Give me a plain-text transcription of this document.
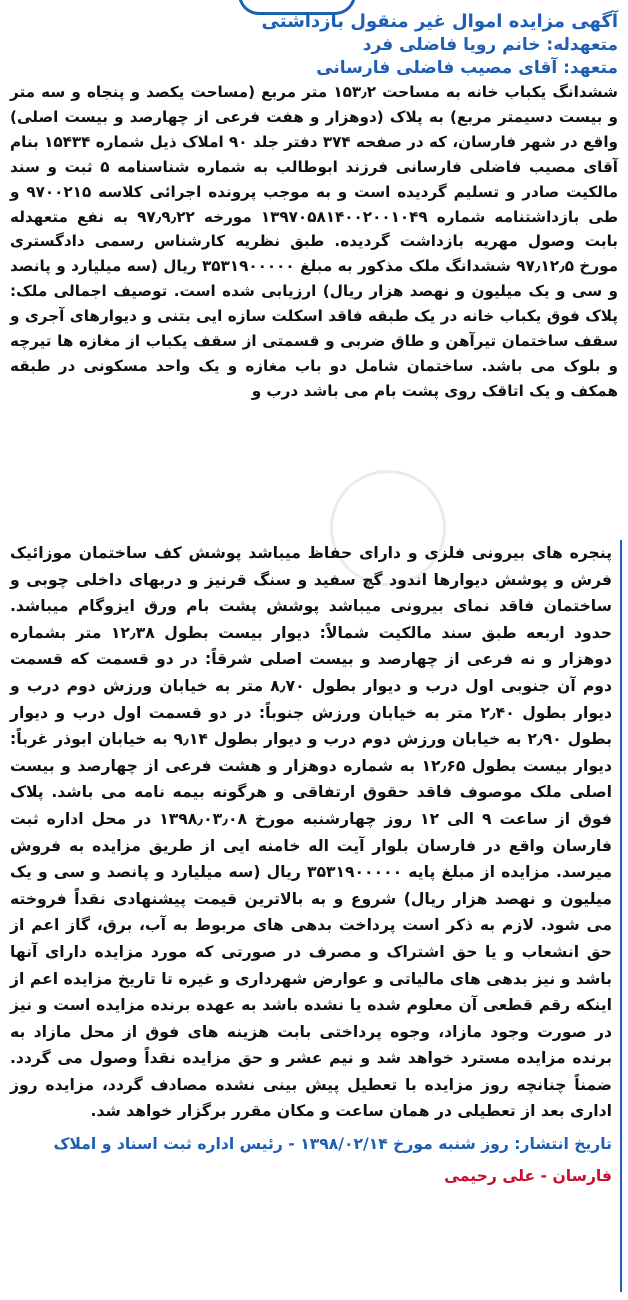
آگهی مزایده اموال غیر منقول بازداشتی
متعهدله: خانم رویا فاضلی فرد
متعهد: آقای مصیب فاضلی فارسانی
ششدانگ یکباب خانه به مساحت ۱۵۳٫۲ متر مربع (مساحت یکصد و پنجاه و سه متر و بیست دسیمتر مربع) به پلاک (دوهزار و هفت فرعی از چهارصد و بیست اصلی) واقع در شهر فارسان، که در صفحه ۳۷۴ دفتر جلد ۹۰ املاک ذیل شماره ۱۵۴۳۴ بنام آقای مصیب فاضلی فارسانی فرزند ابوطالب به شماره شناسنامه ۵ ثبت و سند مالکیت صادر و تسلیم گردیده است و به موجب پرونده اجرائی کلاسه ۹۷۰۰۲۱۵ و طی بازداشتنامه شماره ۱۳۹۷۰۵۸۱۴۰۰۲۰۰۱۰۴۹ مورخه ۹۷٫۹٫۲۲ به نفع متعهدله بابت وصول مهریه بازداشت گردیده. طبق نظریه کارشناس رسمی دادگستری مورخ ۹۷٫۱۲٫۵ ششدانگ ملک مذکور به مبلغ ۳۵۳۱۹۰۰۰۰۰ ریال (سه میلیارد و پانصد و سی و یک میلیون و نهصد هزار ریال) ارزیابی شده است. توصیف اجمالی ملک: پلاک فوق یکباب خانه در یک طبقه فاقد اسکلت سازه ایی بتنی و دیوارهای آجری و سقف ساختمان تیرآهن و طاق ضربی و قسمتی از سقف یکباب از مغازه ها تیرچه و بلوک می باشد. ساختمان شامل دو باب مغازه و یک واحد مسکونی در طبقه همکف و یک اتاقک روی پشت بام می باشد درب و
پنجره های بیرونی فلزی و دارای حفاظ میباشد پوشش کف ساختمان موزائیک فرش و پوشش دیوارها اندود گچ سفید و سنگ قرنیز و دربهای داخلی چوبی و ساختمان فاقد نمای بیرونی میباشد پوشش پشت بام ورق ایزوگام میباشد. حدود اربعه طبق سند مالکیت شمالاً: دیوار بیست بطول ۱۲٫۳۸ متر بشماره دوهزار و نه فرعی از چهارصد و بیست اصلی شرقاً: در دو قسمت که قسمت دوم آن جنوبی اول درب و دیوار بطول ۸٫۷۰ متر به خیابان ورزش دوم درب و دیوار بطول ۲٫۴۰ متر به خیابان ورزش جنوباً: در دو قسمت اول درب و دیوار بطول ۲٫۹۰ به خیابان ورزش دوم درب و دیوار بطول ۹٫۱۴ به خیابان ابوذر غرباً: دیوار بیست بطول ۱۲٫۶۵ به شماره دوهزار و هشت فرعی از چهارصد و بیست اصلی ملک موصوف فاقد حقوق ارتفاقی و هرگونه بیمه نامه می باشد. پلاک فوق از ساعت ۹ الی ۱۲ روز چهارشنبه مورخ ۱۳۹۸٫۰۳٫۰۸ در محل اداره ثبت فارسان واقع در فارسان بلوار آیت اله خامنه ایی از طریق مزایده به فروش میرسد. مزایده از مبلغ پایه ۳۵۳۱۹۰۰۰۰۰ ریال (سه میلیارد و پانصد و سی و یک میلیون و نهصد هزار ریال) شروع و به بالاترین قیمت پیشنهادی نقداً فروخته می شود. لازم به ذکر است پرداخت بدهی های مربوط به آب، برق، گاز اعم از حق انشعاب و یا حق اشتراک و مصرف در صورتی که مورد مزایده دارای آنها باشد و نیز بدهی های مالیاتی و عوارض شهرداری و غیره تا تاریخ مزایده اعم از اینکه رقم قطعی آن معلوم شده یا نشده باشد به عهده برنده مزایده است و نیز در صورت وجود مازاد، وجوه پرداختی بابت هزینه های فوق از محل مازاد به برنده مزایده مسترد خواهد شد و نیم عشر و حق مزایده نقداً وصول می گردد. ضمناً چنانچه روز مزایده با تعطیل پیش بینی نشده مصادف گردد، مزایده روز اداری بعد از تعطیلی در همان ساعت و مکان مقرر برگزار خواهد شد.
تاریخ انتشار: روز شنبه مورخ ۱۳۹۸/۰۲/۱۴ - رئیس اداره ثبت اسناد و املاک
فارسان - علی رحیمی
